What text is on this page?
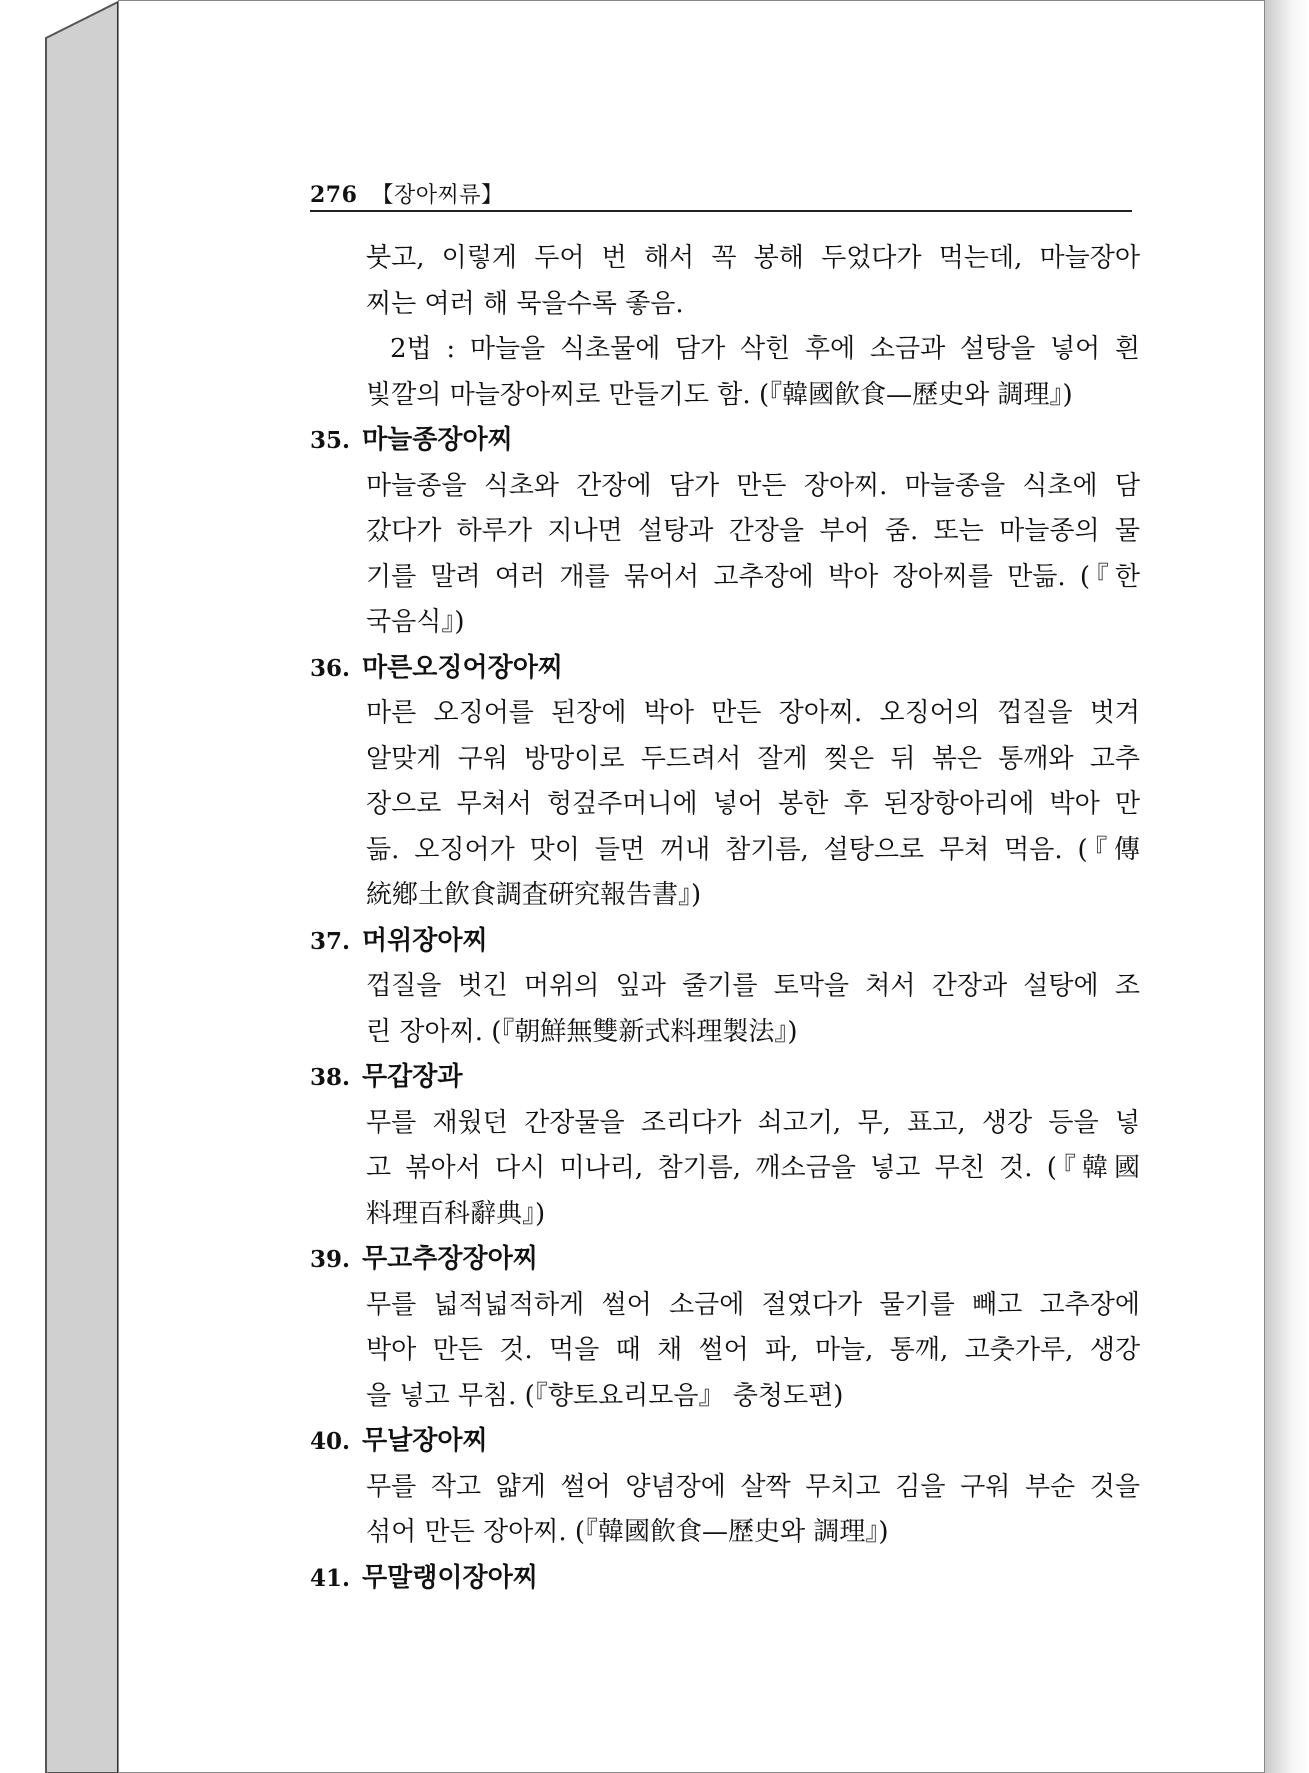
276 【장아찌류】
붓고, 이렇게 두어 번 해서 꼭 봉해 두었다가 먹는데, 마늘장아
찌는 여러 해 묵을수록 좋음.
2법 : 마늘을 식초물에 담가 삭힌 후에 소금과 설탕을 넣어 흰
빛깔의 마늘장아찌로 만들기도 함. (『韓國飮食—歷史와 調理』)
35. 마늘종장아찌
마늘종을 식초와 간장에 담가 만든 장아찌. 마늘종을 식초에 담
갔다가 하루가 지나면 설탕과 간장을 부어 줌. 또는 마늘종의 물
기를 말려 여러 개를 묶어서 고추장에 박아 장아찌를 만듦. (『한
국음식』)
36. 마른오징어장아찌
마른 오징어를 된장에 박아 만든 장아찌. 오징어의 껍질을 벗겨
알맞게 구워 방망이로 두드려서 잘게 찢은 뒤 볶은 통깨와 고추
장으로 무쳐서 헝겊주머니에 넣어 봉한 후 된장항아리에 박아 만
듦. 오징어가 맛이 들면 꺼내 참기름, 설탕으로 무쳐 먹음. (『傳
統鄕土飮食調査硏究報告書』)
37. 머위장아찌
껍질을 벗긴 머위의 잎과 줄기를 토막을 쳐서 간장과 설탕에 조
린 장아찌. (『朝鮮無雙新式料理製法』)
38. 무갑장과
무를 재웠던 간장물을 조리다가 쇠고기, 무, 표고, 생강 등을 넣
고 볶아서 다시 미나리, 참기름, 깨소금을 넣고 무친 것. (『韓國
料理百科辭典』)
39. 무고추장장아찌
무를 넓적넓적하게 썰어 소금에 절였다가 물기를 빼고 고추장에
박아 만든 것. 먹을 때 채 썰어 파, 마늘, 통깨, 고춧가루, 생강
을 넣고 무침. (『향토요리모음』 충청도편)
40. 무날장아찌
무를 작고 얇게 썰어 양념장에 살짝 무치고 김을 구워 부순 것을
섞어 만든 장아찌. (『韓國飮食—歷史와 調理』)
41. 무말랭이장아찌
